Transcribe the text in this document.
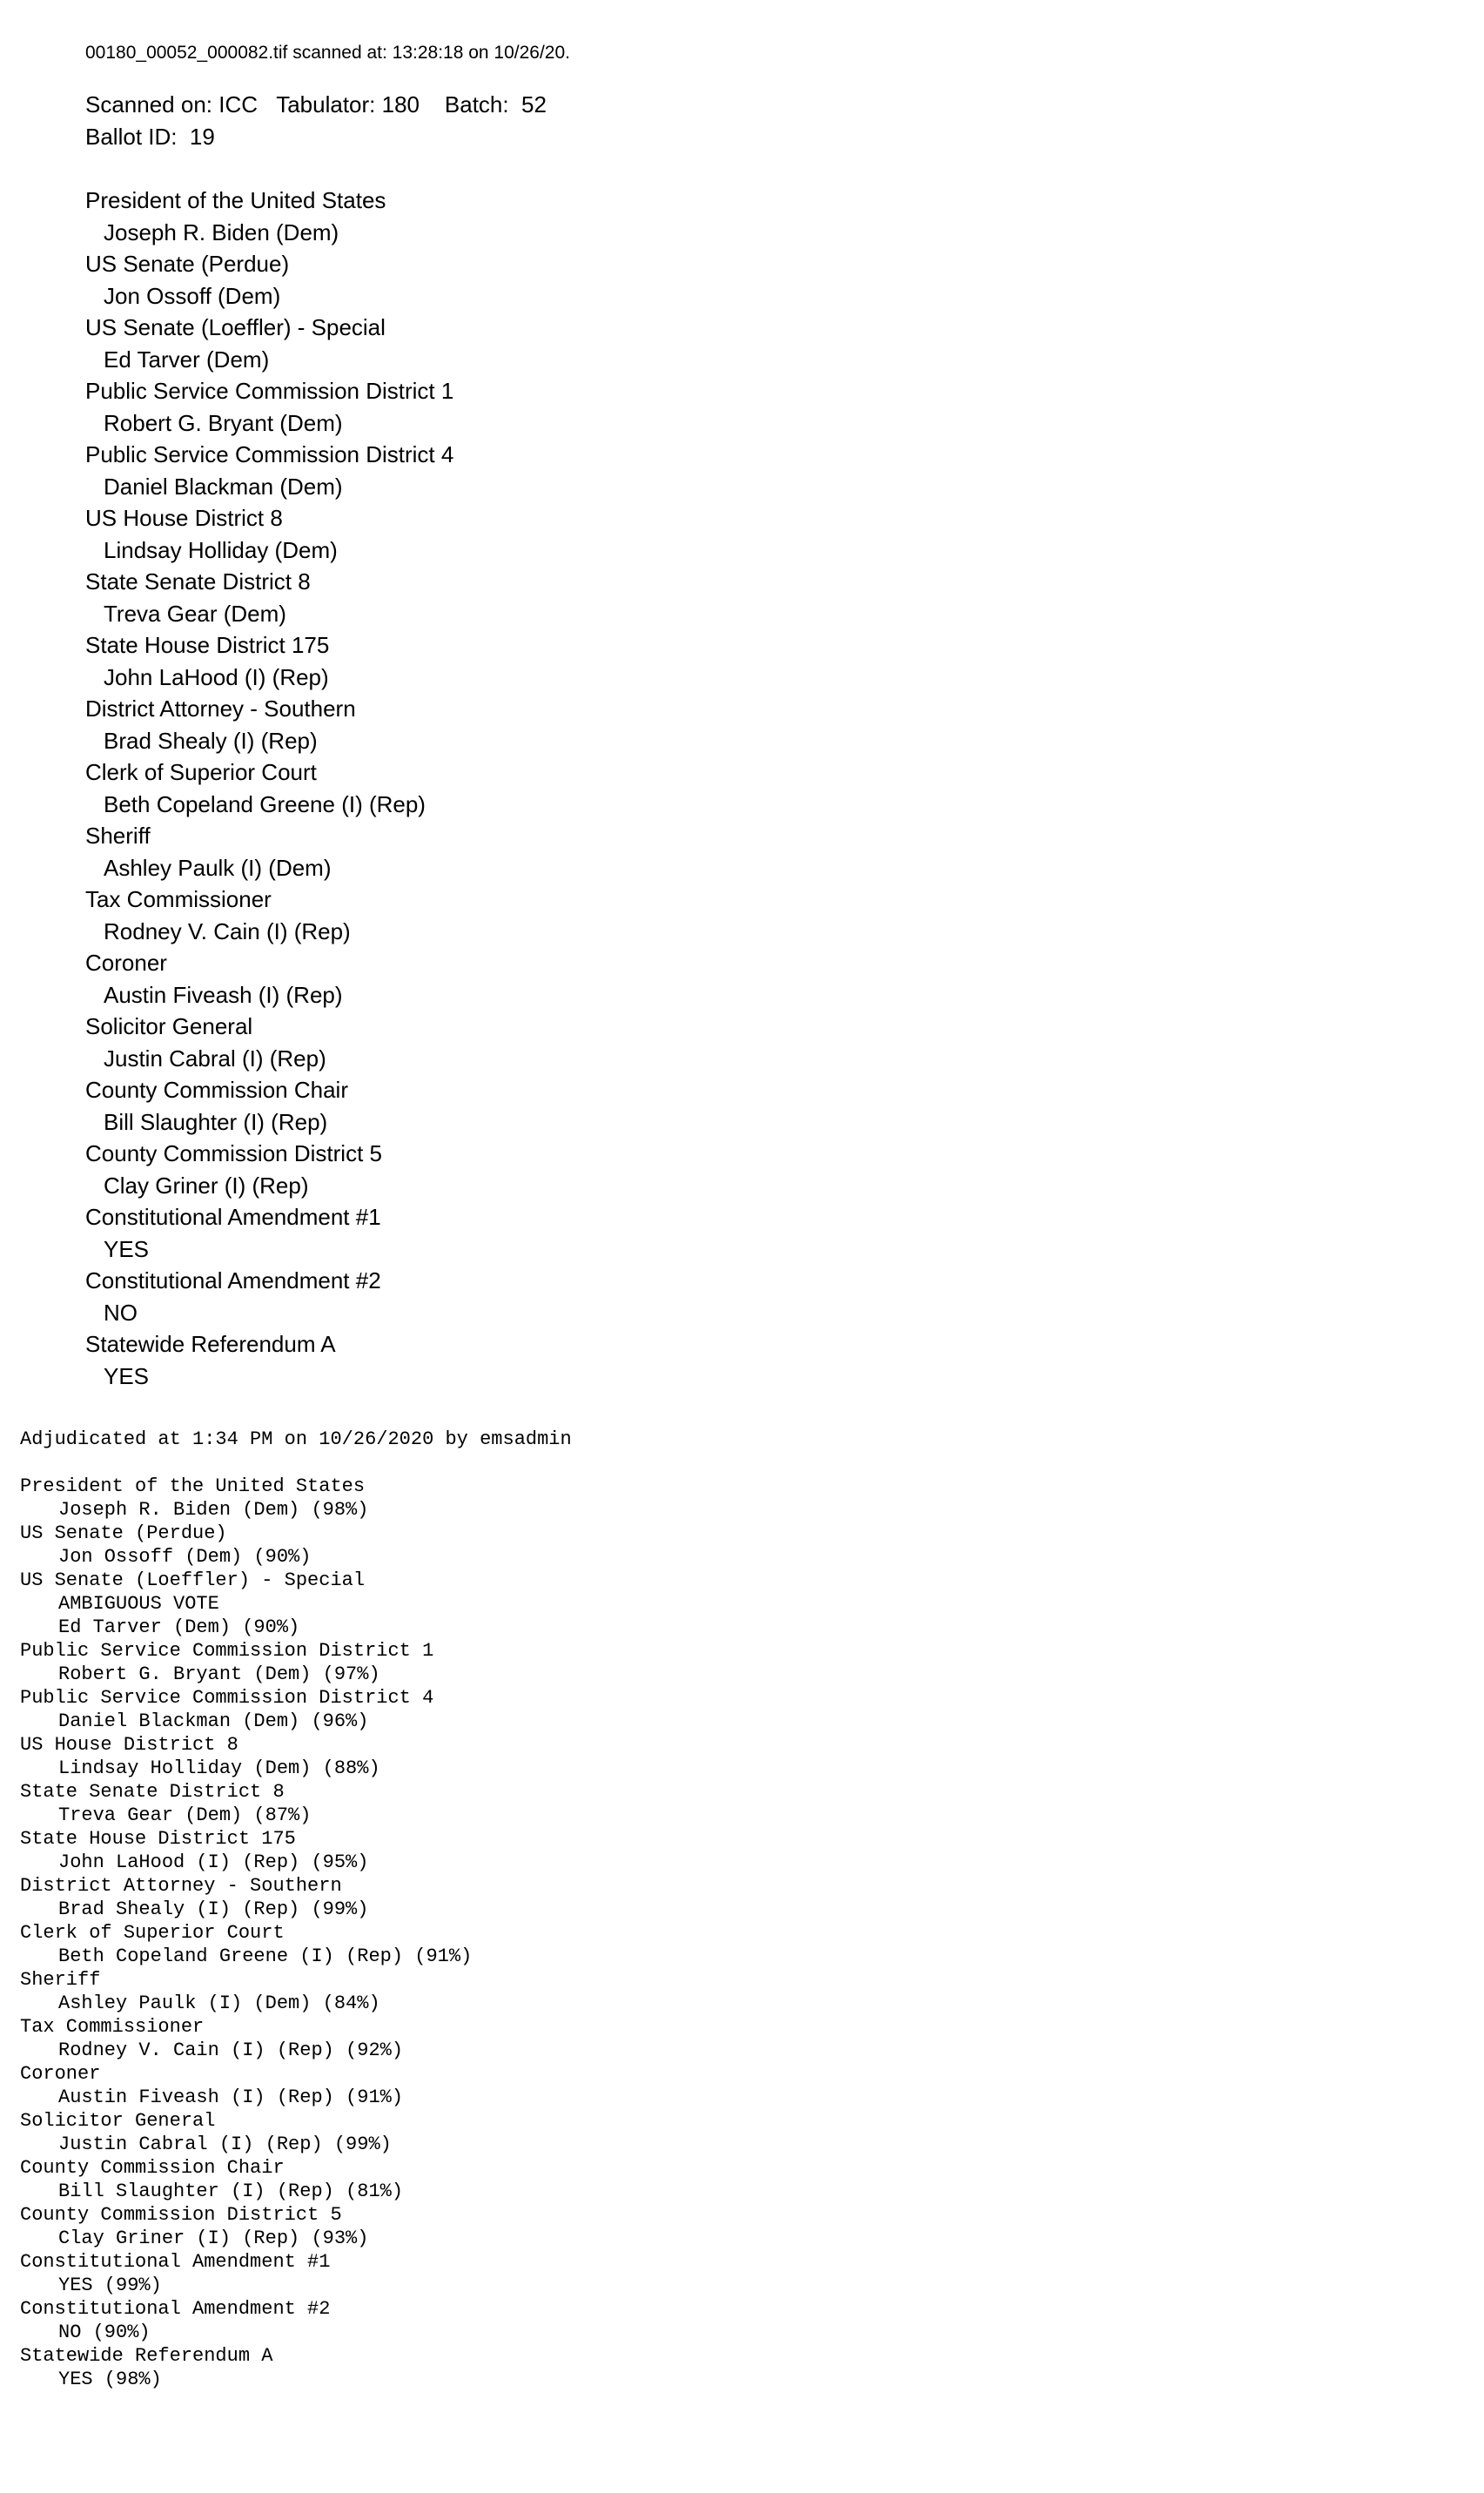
00180_00052_000082.tif scanned at: 13:28:18 on 10/26/20.
Scanned on: ICC   Tabulator: 180    Batch:  52
Ballot ID:  19
President of the United States
Joseph R. Biden (Dem)
US Senate (Perdue)
Jon Ossoff (Dem)
US Senate (Loeffler) - Special
Ed Tarver (Dem)
Public Service Commission District 1
Robert G. Bryant (Dem)
Public Service Commission District 4
Daniel Blackman (Dem)
US House District 8
Lindsay Holliday (Dem)
State Senate District 8
Treva Gear (Dem)
State House District 175
John LaHood (I) (Rep)
District Attorney - Southern
Brad Shealy (I) (Rep)
Clerk of Superior Court
Beth Copeland Greene (I) (Rep)
Sheriff
Ashley Paulk (I) (Dem)
Tax Commissioner
Rodney V. Cain (I) (Rep)
Coroner
Austin Fiveash (I) (Rep)
Solicitor General
Justin Cabral (I) (Rep)
County Commission Chair
Bill Slaughter (I) (Rep)
County Commission District 5
Clay Griner (I) (Rep)
Constitutional Amendment #1
YES
Constitutional Amendment #2
NO
Statewide Referendum A
YES
Adjudicated at 1:34 PM on 10/26/2020 by emsadmin
President of the United States
Joseph R. Biden (Dem) (98%)
US Senate (Perdue)
Jon Ossoff (Dem) (90%)
US Senate (Loeffler) - Special
AMBIGUOUS VOTE
Ed Tarver (Dem) (90%)
Public Service Commission District 1
Robert G. Bryant (Dem) (97%)
Public Service Commission District 4
Daniel Blackman (Dem) (96%)
US House District 8
Lindsay Holliday (Dem) (88%)
State Senate District 8
Treva Gear (Dem) (87%)
State House District 175
John LaHood (I) (Rep) (95%)
District Attorney - Southern
Brad Shealy (I) (Rep) (99%)
Clerk of Superior Court
Beth Copeland Greene (I) (Rep) (91%)
Sheriff
Ashley Paulk (I) (Dem) (84%)
Tax Commissioner
Rodney V. Cain (I) (Rep) (92%)
Coroner
Austin Fiveash (I) (Rep) (91%)
Solicitor General
Justin Cabral (I) (Rep) (99%)
County Commission Chair
Bill Slaughter (I) (Rep) (81%)
County Commission District 5
Clay Griner (I) (Rep) (93%)
Constitutional Amendment #1
YES (99%)
Constitutional Amendment #2
NO (90%)
Statewide Referendum A
YES (98%)
